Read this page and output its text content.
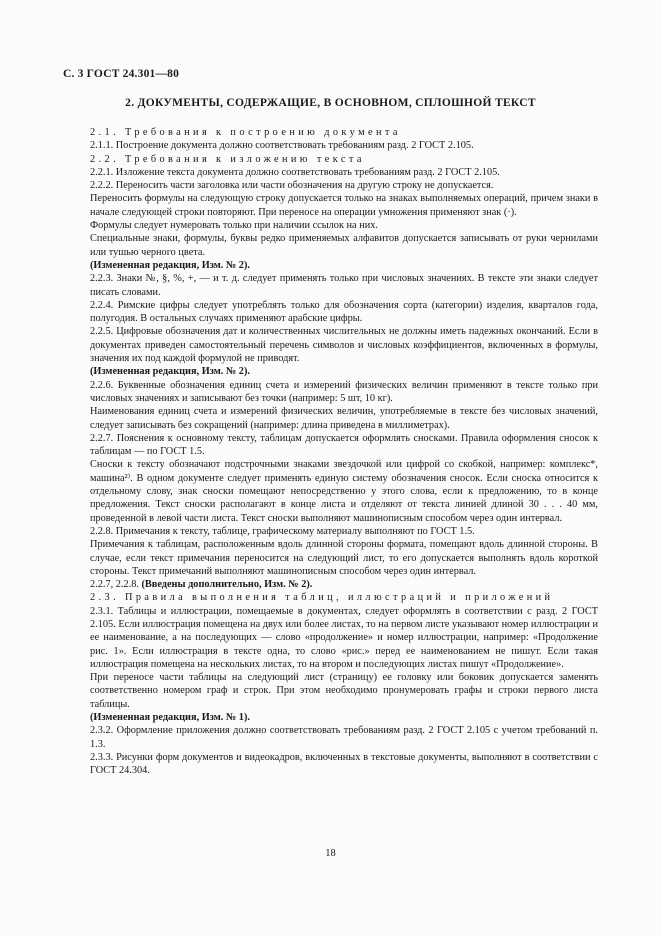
С. 3 ГОСТ 24.301—80
2. ДОКУМЕНТЫ, СОДЕРЖАЩИЕ, В ОСНОВНОМ, СПЛОШНОЙ ТЕКСТ

2.1. Требования к построению документа

2.1.1. Построение документа должно соответствовать требованиям разд. 2 ГОСТ 2.105.

2.2. Требования к изложению текста

2.2.1. Изложение текста документа должно соответствовать требованиям разд. 2 ГОСТ 2.105.

2.2.2. Переносить части заголовка или части обозначения на другую строку не допускается.

Переносить формулы на следующую строку допускается только на знаках выполняемых операций, причем знаки в начале следующей строки повторяют. При переносе на операции умножения применяют знак (·).

Формулы следует нумеровать только при наличии ссылок на них.

Специальные знаки, формулы, буквы редко применяемых алфавитов допускается записывать от руки чернилами или тушью черного цвета.

(Измененная редакция, Изм. № 2).

2.2.3. Знаки №, §, %, +, — и т. д. следует применять только при числовых значениях. В тексте эти знаки следует писать словами.

2.2.4. Римские цифры следует употреблять только для обозначения сорта (категории) изделия, кварталов года, полугодия. В остальных случаях применяют арабские цифры.

2.2.5. Цифровые обозначения дат и количественных числительных не должны иметь падежных окончаний. Если в документах приведен самостоятельный перечень символов и числовых коэффициентов, включенных в формулы, значения их под каждой формулой не приводят.

(Измененная редакция, Изм. № 2).

2.2.6. Буквенные обозначения единиц счета и измерений физических величин применяют в тексте только при числовых значениях и записывают без точки (например: 5 шт, 10 кг).

Наименования единиц счета и измерений физических величин, употребляемые в тексте без числовых значений, следует записывать без сокращений (например: длина приведена в миллиметрах).

2.2.7. Пояснения к основному тексту, таблицам допускается оформлять сносками. Правила оформления сносок к таблицам — по ГОСТ 1.5.

Сноски к тексту обозначают подстрочными знаками звездочкой или цифрой со скобкой, например: комплекс*, машина²⁾. В одном документе следует применять единую систему обозначения сносок. Если сноска относится к отдельному слову, знак сноски помещают непосредственно у этого слова, если к предложению, то в конце предложения. Текст сноски располагают в конце листа и отделяют от текста линией длиной 30 . . . 40 мм, проведенной в левой части листа. Текст сноски выполняют машинописным способом через один интервал.

2.2.8. Примечания к тексту, таблице, графическому материалу выполняют по ГОСТ 1.5.

Примечания к таблицам, расположенным вдоль длинной стороны формата, помещают вдоль длинной стороны. В случае, если текст примечания переносится на следующий лист, то его допускается выполнять вдоль короткой стороны. Текст примечаний выполняют машинописным способом через один интервал.

2.2.7, 2.2.8. (Введены дополнительно, Изм. № 2).

2.3. Правила выполнения таблиц, иллюстраций и приложений

2.3.1. Таблицы и иллюстрации, помещаемые в документах, следует оформлять в соответствии с разд. 2 ГОСТ 2.105. Если иллюстрация помещена на двух или более листах, то на первом листе указывают номер иллюстрации и ее наименование, а на последующих — слово «продолжение» и номер иллюстрации, например: «Продолжение рис. 1». Если иллюстрация в тексте одна, то слово «рис.» перед ее наименованием не пишут. Если такая иллюстрация помещена на нескольких листах, то на втором и последующих листах пишут «Продолжение».

При переносе части таблицы на следующий лист (страницу) ее головку или боковик допускается заменять соответственно номером граф и строк. При этом необходимо пронумеровать графы и строки первого листа таблицы.

(Измененная редакция, Изм. № 1).

2.3.2. Оформление приложения должно соответствовать требованиям разд. 2 ГОСТ 2.105 с учетом требований п. 1.3.

2.3.3. Рисунки форм документов и видеокадров, включенных в текстовые документы, выполняют в соответствии с ГОСТ 24.304.

18
